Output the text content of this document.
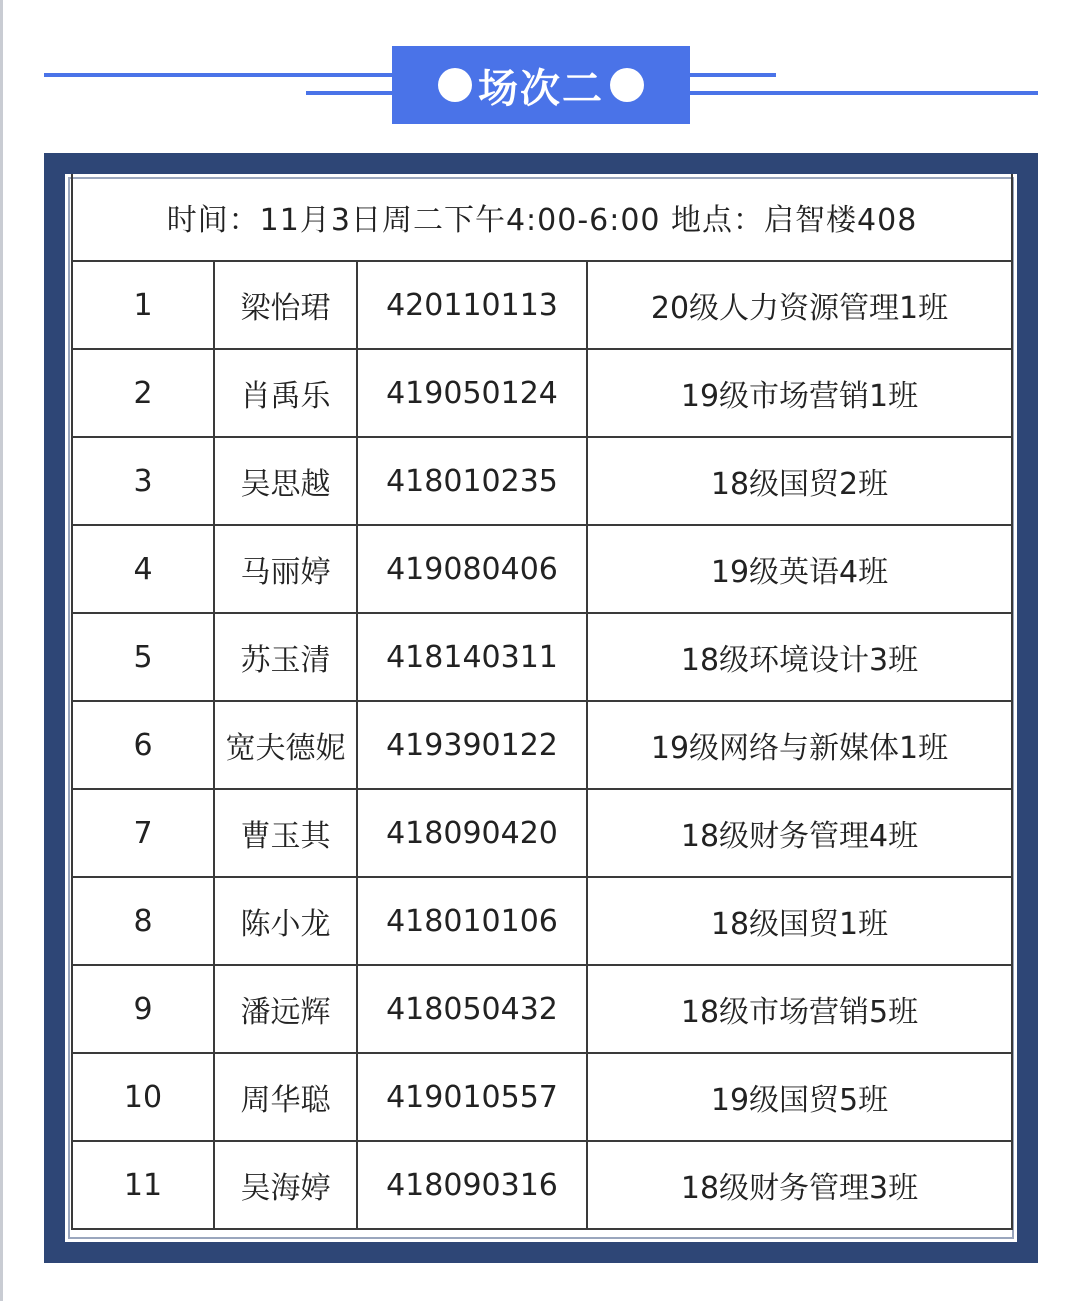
场次二
时间：11月3日周二下午4:00-6:00 地点：启智楼408			
1	梁怡珺	420110113	20级人力资源管理1班
2	肖禹乐	419050124	19级市场营销1班
3	吴思越	418010235	18级国贸2班
4	马丽婷	419080406	19级英语4班
5	苏玉清	418140311	18级环境设计3班
6	宽夫德妮	419390122	19级网络与新媒体1班
7	曹玉其	418090420	18级财务管理4班
8	陈小龙	418010106	18级国贸1班
9	潘远辉	418050432	18级市场营销5班
10	周华聪	419010557	19级国贸5班
11	吴海婷	418090316	18级财务管理3班
